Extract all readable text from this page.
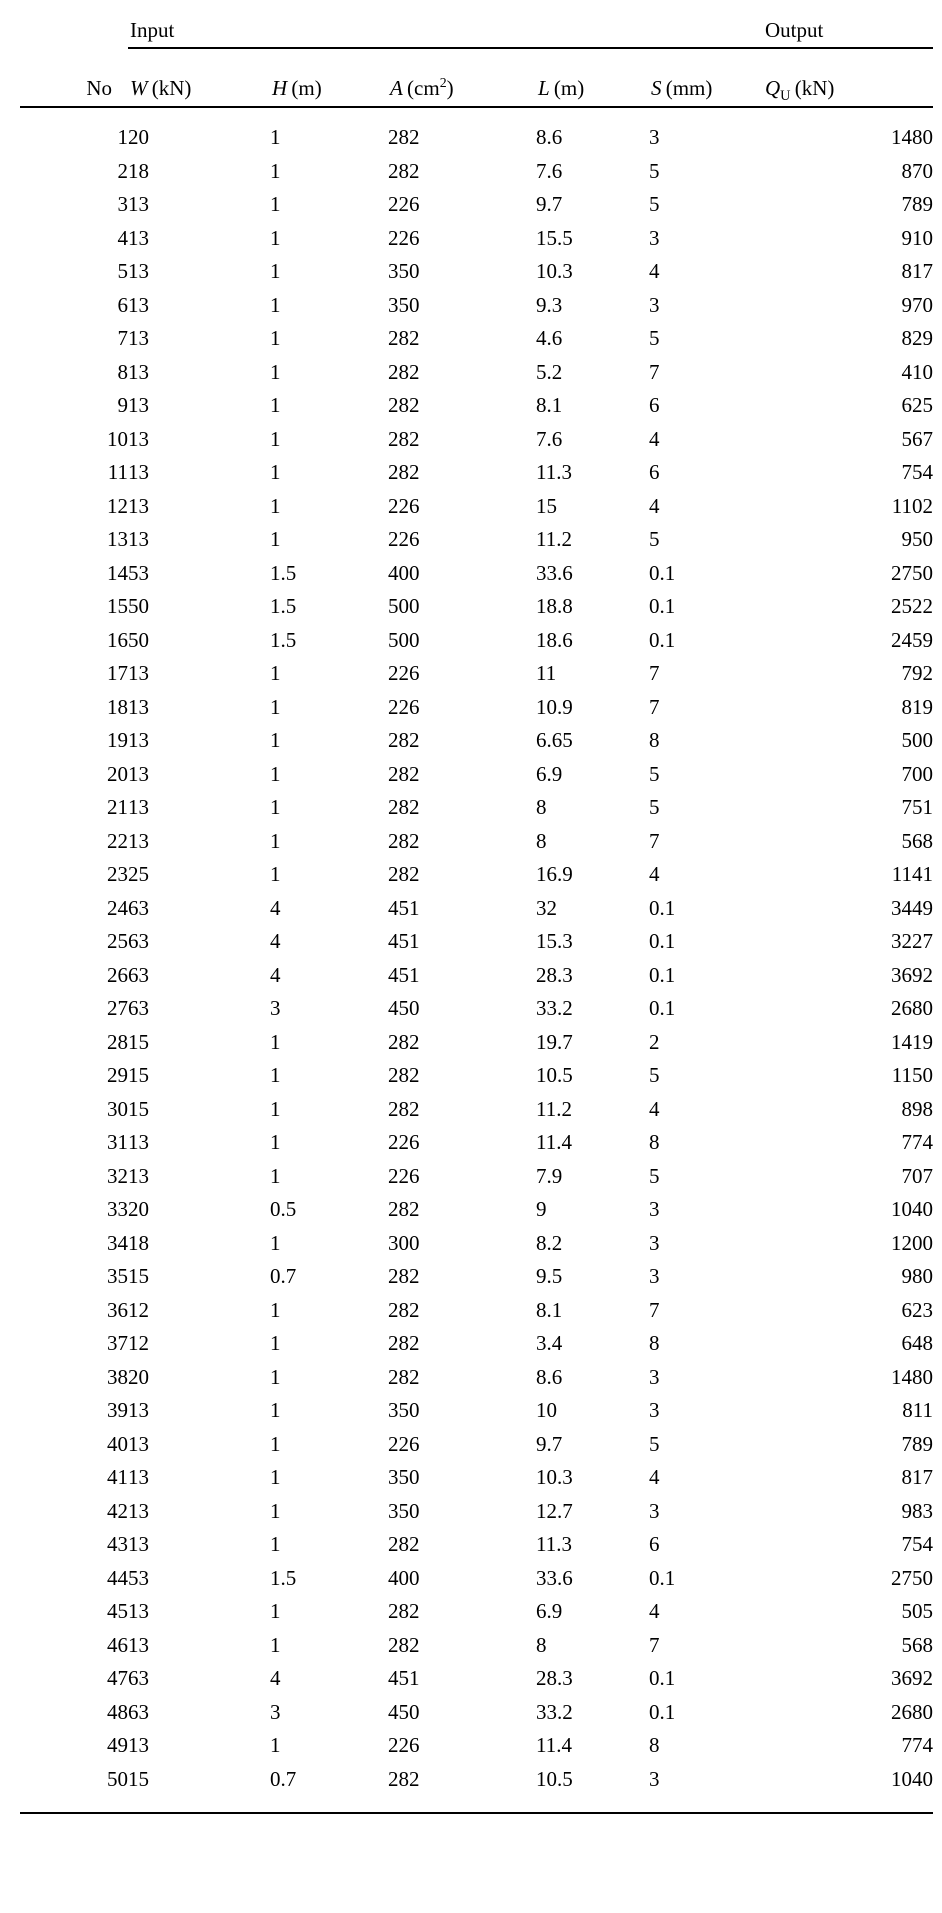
	Input					Output
No	W  (kN)	H  (m)	A  $(cm^2)$	L  (m)	S  (mm)	$Q_U$  (kN)

1	20	1	282	8.6	3	1480
2	18	1	282	7.6	5	870
3	13	1	226	9.7	5	789
4	13	1	226	15.5	3	910
5	13	1	350	10.3	4	817
6	13	1	350	9.3	3	970
7	13	1	282	4.6	5	829
8	13	1	282	5.2	7	410
9	13	1	282	8.1	6	625
10	13	1	282	7.6	4	567
11	13	1	282	11.3	6	754
12	13	1	226	15	4	1102
13	13	1	226	11.2	5	950
14	53	1.5	400	33.6	0.1	2750
15	50	1.5	500	18.8	0.1	2522
16	50	1.5	500	18.6	0.1	2459
17	13	1	226	11	7	792
18	13	1	226	10.9	7	819
19	13	1	282	6.65	8	500
20	13	1	282	6.9	5	700
21	13	1	282	8	5	751
22	13	1	282	8	7	568
23	25	1	282	16.9	4	1141
24	63	4	451	32	0.1	3449
25	63	4	451	15.3	0.1	3227
26	63	4	451	28.3	0.1	3692
27	63	3	450	33.2	0.1	2680
28	15	1	282	19.7	2	1419
29	15	1	282	10.5	5	1150
30	15	1	282	11.2	4	898
31	13	1	226	11.4	8	774
32	13	1	226	7.9	5	707
33	20	0.5	282	9	3	1040
34	18	1	300	8.2	3	1200
35	15	0.7	282	9.5	3	980
36	12	1	282	8.1	7	623
37	12	1	282	3.4	8	648
38	20	1	282	8.6	3	1480
39	13	1	350	10	3	811
40	13	1	226	9.7	5	789
41	13	1	350	10.3	4	817
42	13	1	350	12.7	3	983
43	13	1	282	11.3	6	754
44	53	1.5	400	33.6	0.1	2750
45	13	1	282	6.9	4	505
46	13	1	282	8	7	568
47	63	4	451	28.3	0.1	3692
48	63	3	450	33.2	0.1	2680
49	13	1	226	11.4	8	774
50	15	0.7	282	10.5	3	1040
